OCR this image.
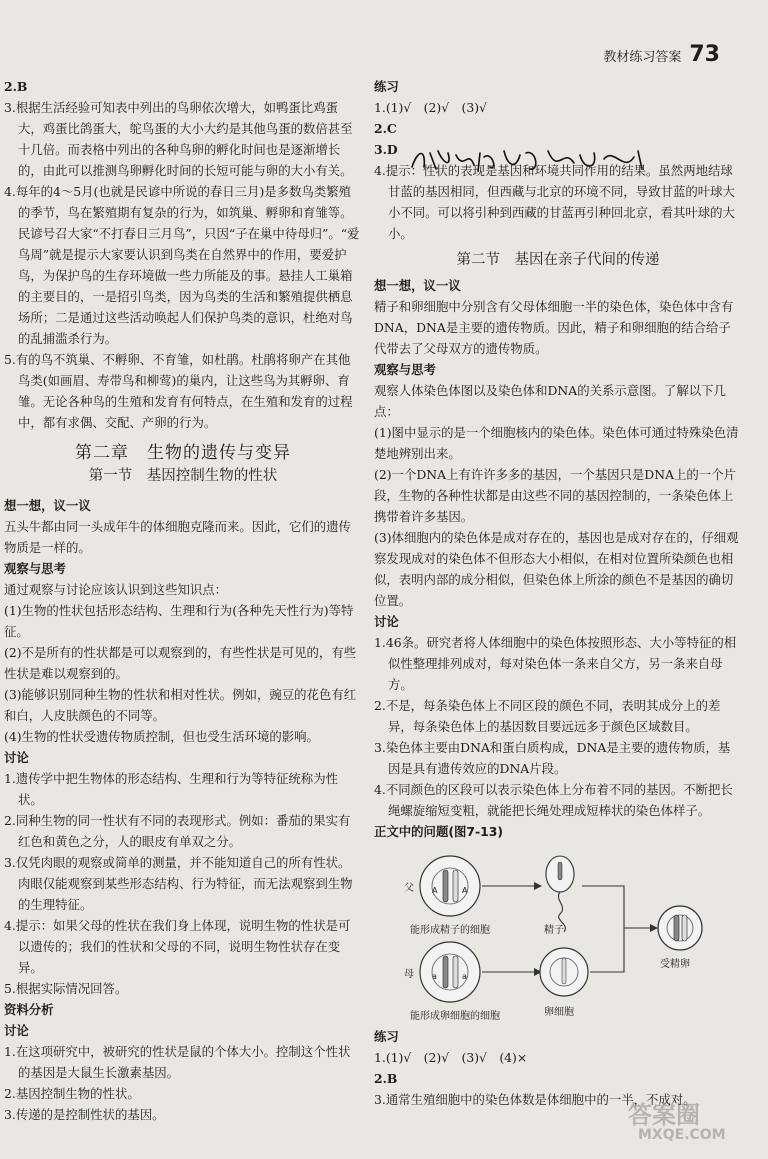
教材练习答案 73

2.B

3.根据生活经验可知表中列出的鸟卵依次增大，如鸭蛋比鸡蛋大，鸡蛋比鸽蛋大，鸵鸟蛋的大小大约是其他鸟蛋的数倍甚至十几倍。而表格中列出的各种鸟卵的孵化时间也是逐渐增长的，由此可以推测鸟卵孵化时间的长短可能与卵的大小有关。

4.每年的4～5月(也就是民谚中所说的春日三月)是多数鸟类繁殖的季节，鸟在繁殖期有复杂的行为，如筑巢、孵卵和育雏等。民谚号召大家“不打春日三月鸟”，只因“子在巢中待母归”。“爱鸟周”就是提示大家要认识到鸟类在自然界中的作用，要爱护鸟，为保护鸟的生存环境做一些力所能及的事。悬挂人工巢箱的主要目的，一是招引鸟类，因为鸟类的生活和繁殖提供栖息场所；二是通过这些活动唤起人们保护鸟类的意识，杜绝对鸟的乱捕滥杀行为。

5.有的鸟不筑巢、不孵卵、不育雏，如杜鹃。杜鹃将卵产在其他鸟类(如画眉、寿带鸟和柳莺)的巢内，让这些鸟为其孵卵、育雏。无论各种鸟的生殖和发育有何特点，在生殖和发育的过程中，都有求偶、交配、产卵的行为。

第二章　生物的遗传与变异
第一节　基因控制生物的性状

想一想，议一议

五头牛都由同一头成年牛的体细胞克隆而来。因此，它们的遗传物质是一样的。

观察与思考

通过观察与讨论应该认识到这些知识点：

(1)生物的性状包括形态结构、生理和行为(各种先天性行为)等特征。

(2)不是所有的性状都是可以观察到的，有些性状是可见的，有些性状是难以观察到的。

(3)能够识别同种生物的性状和相对性状。例如，豌豆的花色有红和白，人皮肤颜色的不同等。

(4)生物的性状受遗传物质控制，但也受生活环境的影响。

讨论

1.遗传学中把生物体的形态结构、生理和行为等特征统称为性状。

2.同种生物的同一性状有不同的表现形式。例如：番茄的果实有红色和黄色之分，人的眼皮有单双之分。

3.仅凭肉眼的观察或简单的测量，并不能知道自己的所有性状。肉眼仅能观察到某些形态结构、行为特征，而无法观察到生物的生理特征。

4.提示：如果父母的性状在我们身上体现，说明生物的性状是可以遗传的；我们的性状和父母的不同，说明生物性状存在变异。

5.根据实际情况回答。

资料分析

讨论

1.在这项研究中，被研究的性状是鼠的个体大小。控制这个性状的基因是大鼠生长激素基因。

2.基因控制生物的性状。

3.传递的是控制性状的基因。

练习

1.(1)√　(2)√　(3)√

2.C

3.D

4.提示：性状的表现是基因和环境共同作用的结果。虽然两地结球甘蓝的基因相同，但西藏与北京的环境不同，导致甘蓝的叶球大小不同。可以将引种到西藏的甘蓝再引种回北京，看其叶球的大小。

第二节　基因在亲子代间的传递

想一想，议一议

精子和卵细胞中分别含有父母体细胞一半的染色体，染色体中含有DNA，DNA是主要的遗传物质。因此，精子和卵细胞的结合给子代带去了父母双方的遗传物质。

观察与思考

观察人体染色体图以及染色体和DNA的关系示意图。了解以下几点：

(1)图中显示的是一个细胞核内的染色体。染色体可通过特殊染色清楚地辨别出来。

(2)一个DNA上有许许多多的基因，一个基因只是DNA上的一个片段，生物的各种性状都是由这些不同的基因控制的，一条染色体上携带着许多基因。

(3)体细胞内的染色体是成对存在的，基因也是成对存在的，仔细观察发现成对的染色体不但形态大小相似，在相对位置所染颜色也相似，表明内部的成分相似，但染色体上所涂的颜色不是基因的确切位置。

讨论

1.46条。研究者将人体细胞中的染色体按照形态、大小等特征的相似性整理排列成对，每对染色体一条来自父方，另一条来自母方。

2.不是，每条染色体上不同区段的颜色不同，表明其成分上的差异，每条染色体上的基因数目要远远多于颜色区域数目。

3.染色体主要由DNA和蛋白质构成，DNA是主要的遗传物质，基因是具有遗传效应的DNA片段。

4.不同颜色的区段可以表示染色体上分布着不同的基因。不断把长绳螺旋缩短变粗，就能把长绳处理成短棒状的染色体样子。

正文中的问题(图7-13)

父
母
A	A
a	a
能形成精子的细胞	精子
能形成卵细胞的细胞	卵细胞
受精卵

练习

1.(1)√　(2)√　(3)√　(4)×

2.B

3.通常生殖细胞中的染色体数是体细胞中的一半，不成对。

答案圈
MXQE.COM
